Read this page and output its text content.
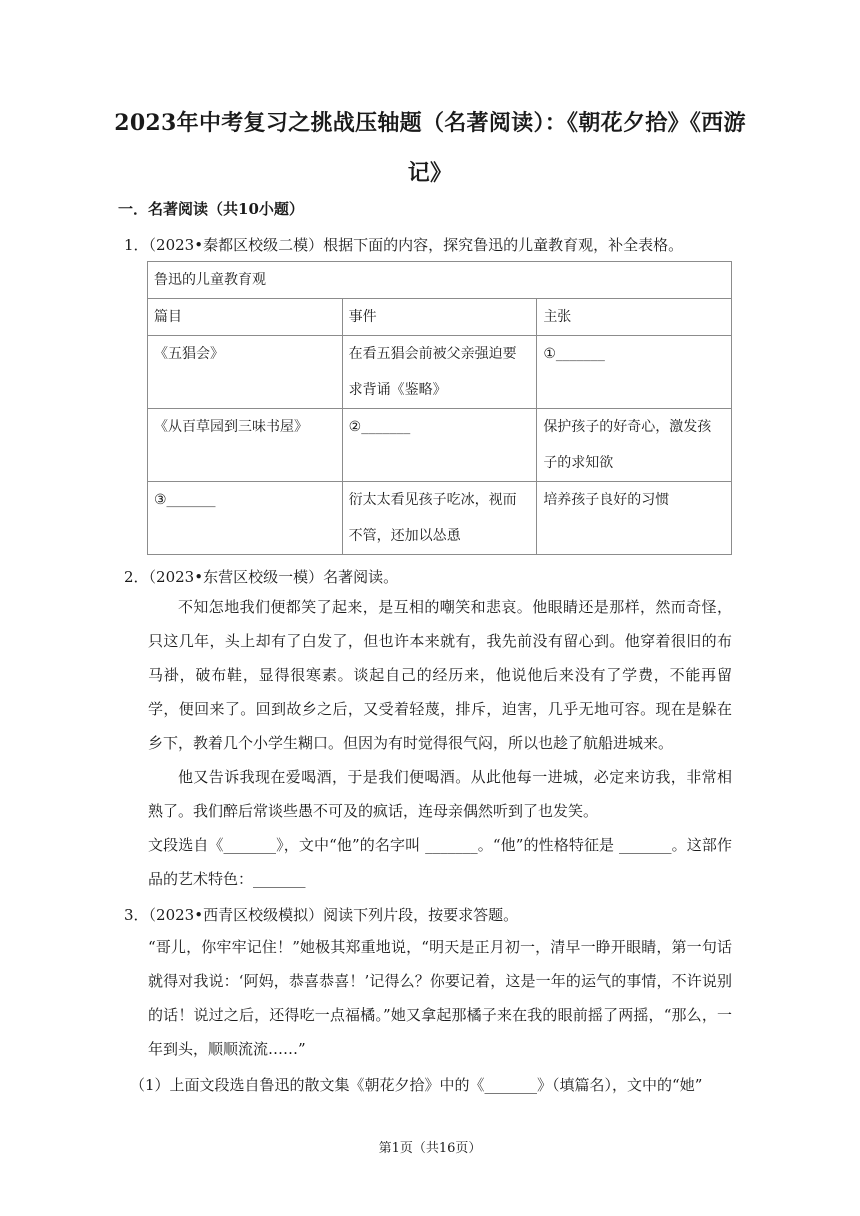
2023年中考复习之挑战压轴题（名著阅读）：《朝花夕拾》《西游记》
一．名著阅读（共10小题）
1．（2023•秦都区校级二模）根据下面的内容，探究鲁迅的儿童教育观，补全表格。
鲁迅的儿童教育观		
篇目	事件	主张
《五猖会》	在看五猖会前被父亲强迫要求背诵《鉴略》	①_______
《从百草园到三味书屋》	②_______	保护孩子的好奇心，激发孩子的求知欲
③_______	衍太太看见孩子吃冰，视而不管，还加以怂恿	培养孩子良好的习惯
2．（2023•东营区校级一模）名著阅读。
不知怎地我们便都笑了起来，是互相的嘲笑和悲哀。他眼睛还是那样，然而奇怪，只这几年，头上却有了白发了，但也许本来就有，我先前没有留心到。他穿着很旧的布马褂，破布鞋，显得很寒素。谈起自己的经历来，他说他后来没有了学费，不能再留学，便回来了。回到故乡之后，又受着轻蔑，排斥，迫害，几乎无地可容。现在是躲在乡下，教着几个小学生糊口。但因为有时觉得很气闷，所以也趁了航船进城来。
他又告诉我现在爱喝酒，于是我们便喝酒。从此他每一进城，必定来访我，非常相熟了。我们醉后常谈些愚不可及的疯话，连母亲偶然听到了也发笑。
文段选自《_______》，文中“他”的名字叫 _______。“他”的性格特征是 _______。这部作品的艺术特色：_______
3．（2023•西青区校级模拟）阅读下列片段，按要求答题。
“哥儿，你牢牢记住！”她极其郑重地说，“明天是正月初一，清早一睁开眼睛，第一句话就得对我说：‘阿妈，恭喜恭喜！’记得么？你要记着，这是一年的运气的事情，不许说别的话！说过之后，还得吃一点福橘。”她又拿起那橘子来在我的眼前摇了两摇，“那么，一年到头，顺顺流流……”
（1）上面文段选自鲁迅的散文集《朝花夕拾》中的《_______》（填篇名），文中的“她”
第1页（共16页）
